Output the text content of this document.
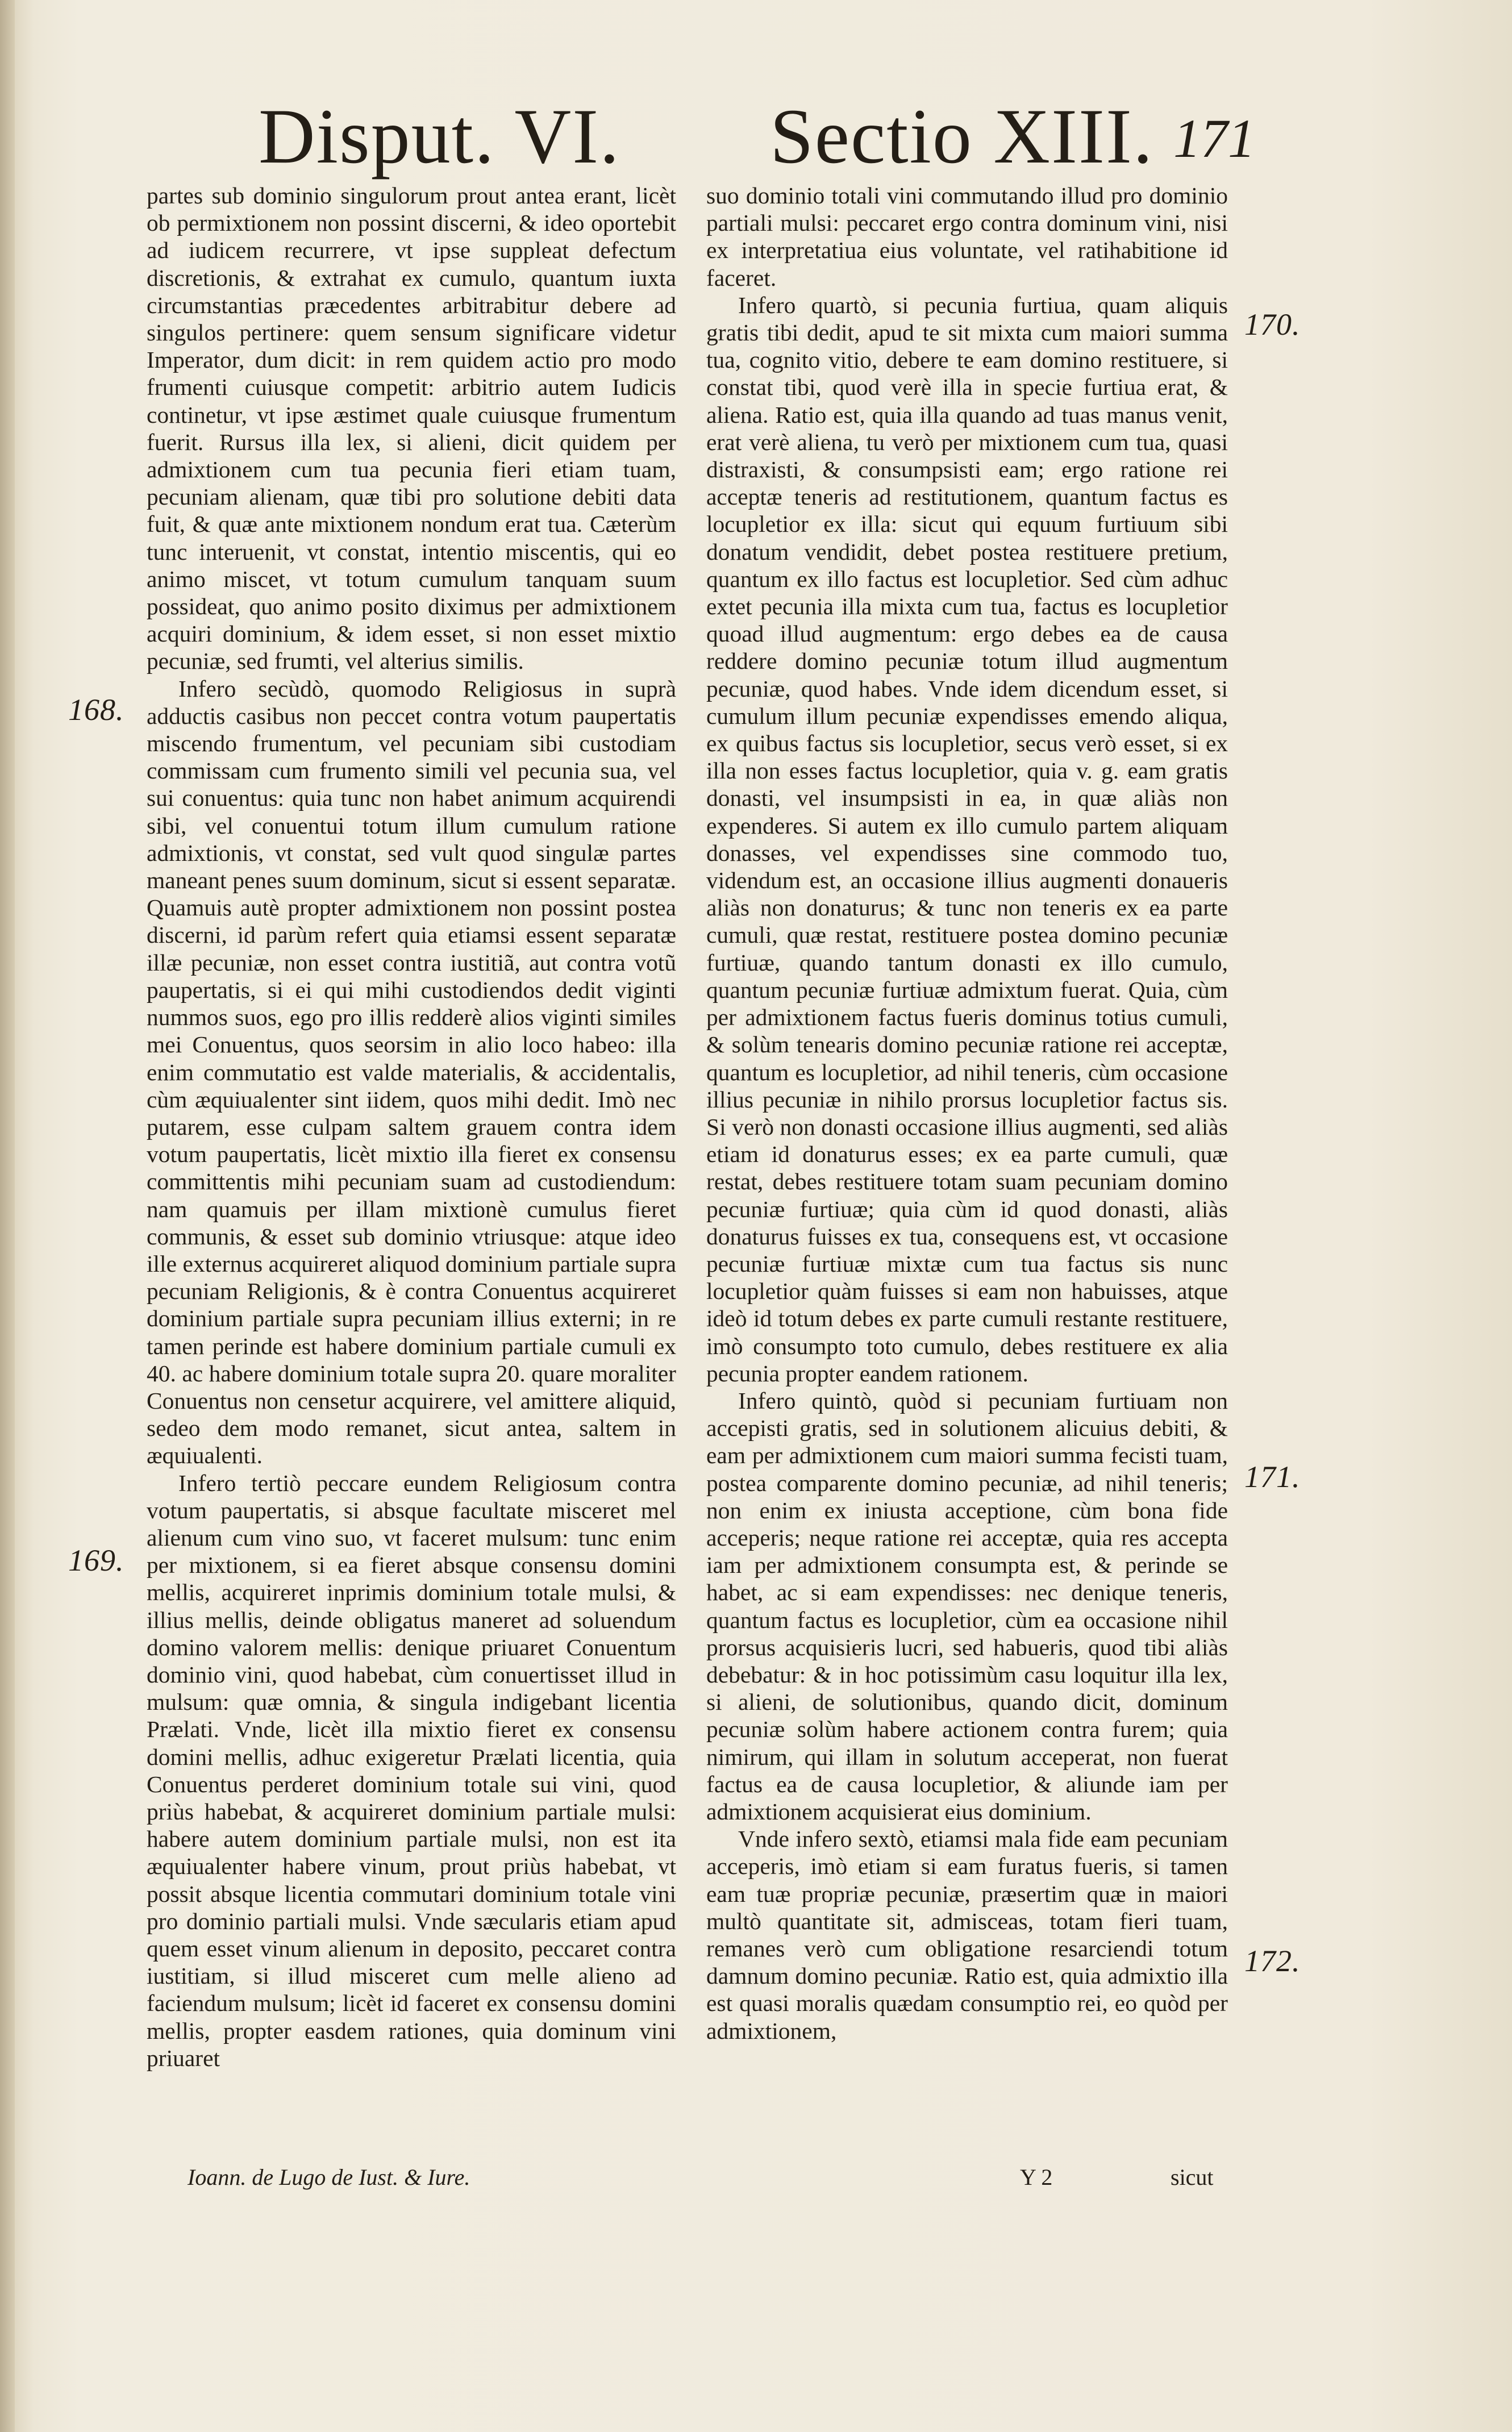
Disput. VI. Sectio XIII. 171

partes sub dominio singulorum prout antea erant, licèt ob permixtionem non possint discerni, & ideo oportebit ad iudicem recurrere, vt ipse suppleat defectum discretionis, & extrahat ex cumulo, quantum iuxta circumstantias præcedentes arbitrabitur debere ad singulos pertinere: quem sensum significare videtur Imperator, dum dicit: in rem quidem actio pro modo frumenti cuiusque competit: arbitrio autem Iudicis continetur, vt ipse æstimet quale cuiusque frumentum fuerit. Rursus illa lex, si alieni, dicit quidem per admixtionem cum tua pecunia fieri etiam tuam, pecuniam alienam, quæ tibi pro solutione debiti data fuit, & quæ ante mixtionem nondum erat tua. Cæterùm tunc interuenit, vt constat, intentio miscentis, qui eo animo miscet, vt totum cumulum tanquam suum possideat, quo animo posito diximus per admixtionem acquiri dominium, & idem esset, si non esset mixtio pecuniæ, sed frumti, vel alterius similis.

Infero secùdò, quomodo Religiosus in suprà adductis casibus non peccet contra votum paupertatis miscendo frumentum, vel pecuniam sibi custodiam commissam cum frumento simili vel pecunia sua, vel sui conuentus: quia tunc non habet animum acquirendi sibi, vel conuentui totum illum cumulum ratione admixtionis, vt constat, sed vult quod singulæ partes maneant penes suum dominum, sicut si essent separatæ. Quamuis autè propter admixtionem non possint postea discerni, id parùm refert quia etiamsi essent separatæ illæ pecuniæ, non esset contra iustitiã, aut contra votũ paupertatis, si ei qui mihi custodiendos dedit viginti nummos suos, ego pro illis redderè alios viginti similes mei Conuentus, quos seorsim in alio loco habeo: illa enim commutatio est valde materialis, & accidentalis, cùm æquiualenter sint iidem, quos mihi dedit. Imò nec putarem, esse culpam saltem grauem contra idem votum paupertatis, licèt mixtio illa fieret ex consensu committentis mihi pecuniam suam ad custodiendum: nam quamuis per illam mixtionè cumulus fieret communis, & esset sub dominio vtriusque: atque ideo ille externus acquireret aliquod dominium partiale supra pecuniam Religionis, & è contra Conuentus acquireret dominium partiale supra pecuniam illius externi; in re tamen perinde est habere dominium partiale cumuli ex 40. ac habere dominium totale supra 20. quare moraliter Conuentus non censetur acquirere, vel amittere aliquid, sedeo dem modo remanet, sicut antea, saltem in æquiualenti.

Infero tertiò peccare eundem Religiosum contra votum paupertatis, si absque facultate misceret mel alienum cum vino suo, vt faceret mulsum: tunc enim per mixtionem, si ea fieret absque consensu domini mellis, acquireret inprimis dominium totale mulsi, & illius mellis, deinde obligatus maneret ad soluendum domino valorem mellis: denique priuaret Conuentum dominio vini, quod habebat, cùm conuertisset illud in mulsum: quæ omnia, & singula indigebant licentia Prælati. Vnde, licèt illa mixtio fieret ex consensu domini mellis, adhuc exigeretur Prælati licentia, quia Conuentus perderet dominium totale sui vini, quod priùs habebat, & acquireret dominium partiale mulsi: habere autem dominium partiale mulsi, non est ita æquiualenter habere vinum, prout priùs habebat, vt possit absque licentia commutari dominium totale vini pro dominio partiali mulsi. Vnde sæcularis etiam apud quem esset vinum alienum in deposito, peccaret contra iustitiam, si illud misceret cum melle alieno ad faciendum mulsum; licèt id faceret ex consensu domini mellis, propter easdem rationes, quia dominum vini priuaret

suo dominio totali vini commutando illud pro dominio partiali mulsi: peccaret ergo contra dominum vini, nisi ex interpretatiua eius voluntate, vel ratihabitione id faceret.

Infero quartò, si pecunia furtiua, quam aliquis gratis tibi dedit, apud te sit mixta cum maiori summa tua, cognito vitio, debere te eam domino restituere, si constat tibi, quod verè illa in specie furtiua erat, & aliena. Ratio est, quia illa quando ad tuas manus venit, erat verè aliena, tu verò per mixtionem cum tua, quasi distraxisti, & consumpsisti eam; ergo ratione rei acceptæ teneris ad restitutionem, quantum factus es locupletior ex illa: sicut qui equum furtiuum sibi donatum vendidit, debet postea restituere pretium, quantum ex illo factus est locupletior. Sed cùm adhuc extet pecunia illa mixta cum tua, factus es locupletior quoad illud augmentum: ergo debes ea de causa reddere domino pecuniæ totum illud augmentum pecuniæ, quod habes. Vnde idem dicendum esset, si cumulum illum pecuniæ expendisses emendo aliqua, ex quibus factus sis locupletior, secus verò esset, si ex illa non esses factus locupletior, quia v. g. eam gratis donasti, vel insumpsisti in ea, in quæ aliàs non expenderes. Si autem ex illo cumulo partem aliquam donasses, vel expendisses sine commodo tuo, videndum est, an occasione illius augmenti donaueris aliàs non donaturus; & tunc non teneris ex ea parte cumuli, quæ restat, restituere postea domino pecuniæ furtiuæ, quando tantum donasti ex illo cumulo, quantum pecuniæ furtiuæ admixtum fuerat. Quia, cùm per admixtionem factus fueris dominus totius cumuli, & solùm tenearis domino pecuniæ ratione rei acceptæ, quantum es locupletior, ad nihil teneris, cùm occasione illius pecuniæ in nihilo prorsus locupletior factus sis. Si verò non donasti occasione illius augmenti, sed aliàs etiam id donaturus esses; ex ea parte cumuli, quæ restat, debes restituere totam suam pecuniam domino pecuniæ furtiuæ; quia cùm id quod donasti, aliàs donaturus fuisses ex tua, consequens est, vt occasione pecuniæ furtiuæ mixtæ cum tua factus sis nunc locupletior quàm fuisses si eam non habuisses, atque ideò id totum debes ex parte cumuli restante restituere, imò consumpto toto cumulo, debes restituere ex alia pecunia propter eandem rationem.

Infero quintò, quòd si pecuniam furtiuam non accepisti gratis, sed in solutionem alicuius debiti, & eam per admixtionem cum maiori summa fecisti tuam, postea comparente domino pecuniæ, ad nihil teneris; non enim ex iniusta acceptione, cùm bona fide acceperis; neque ratione rei acceptæ, quia res accepta iam per admixtionem consumpta est, & perinde se habet, ac si eam expendisses: nec denique teneris, quantum factus es locupletior, cùm ea occasione nihil prorsus acquisieris lucri, sed habueris, quod tibi aliàs debebatur: & in hoc potissimùm casu loquitur illa lex, si alieni, de solutionibus, quando dicit, dominum pecuniæ solùm habere actionem contra furem; quia nimirum, qui illam in solutum acceperat, non fuerat factus ea de causa locupletior, & aliunde iam per admixtionem acquisierat eius dominium.

Vnde infero sextò, etiamsi mala fide eam pecuniam acceperis, imò etiam si eam furatus fueris, si tamen eam tuæ propriæ pecuniæ, præsertim quæ in maiori multò quantitate sit, admisceas, totam fieri tuam, remanes verò cum obligatione resarciendi totum damnum domino pecuniæ. Ratio est, quia admixtio illa est quasi moralis quædam consumptio rei, eo quòd per admixtionem,

168.
169.
170.
171.
172.
Ioann. de Lugo de Iust. & Iure.	Y 2	sicut
